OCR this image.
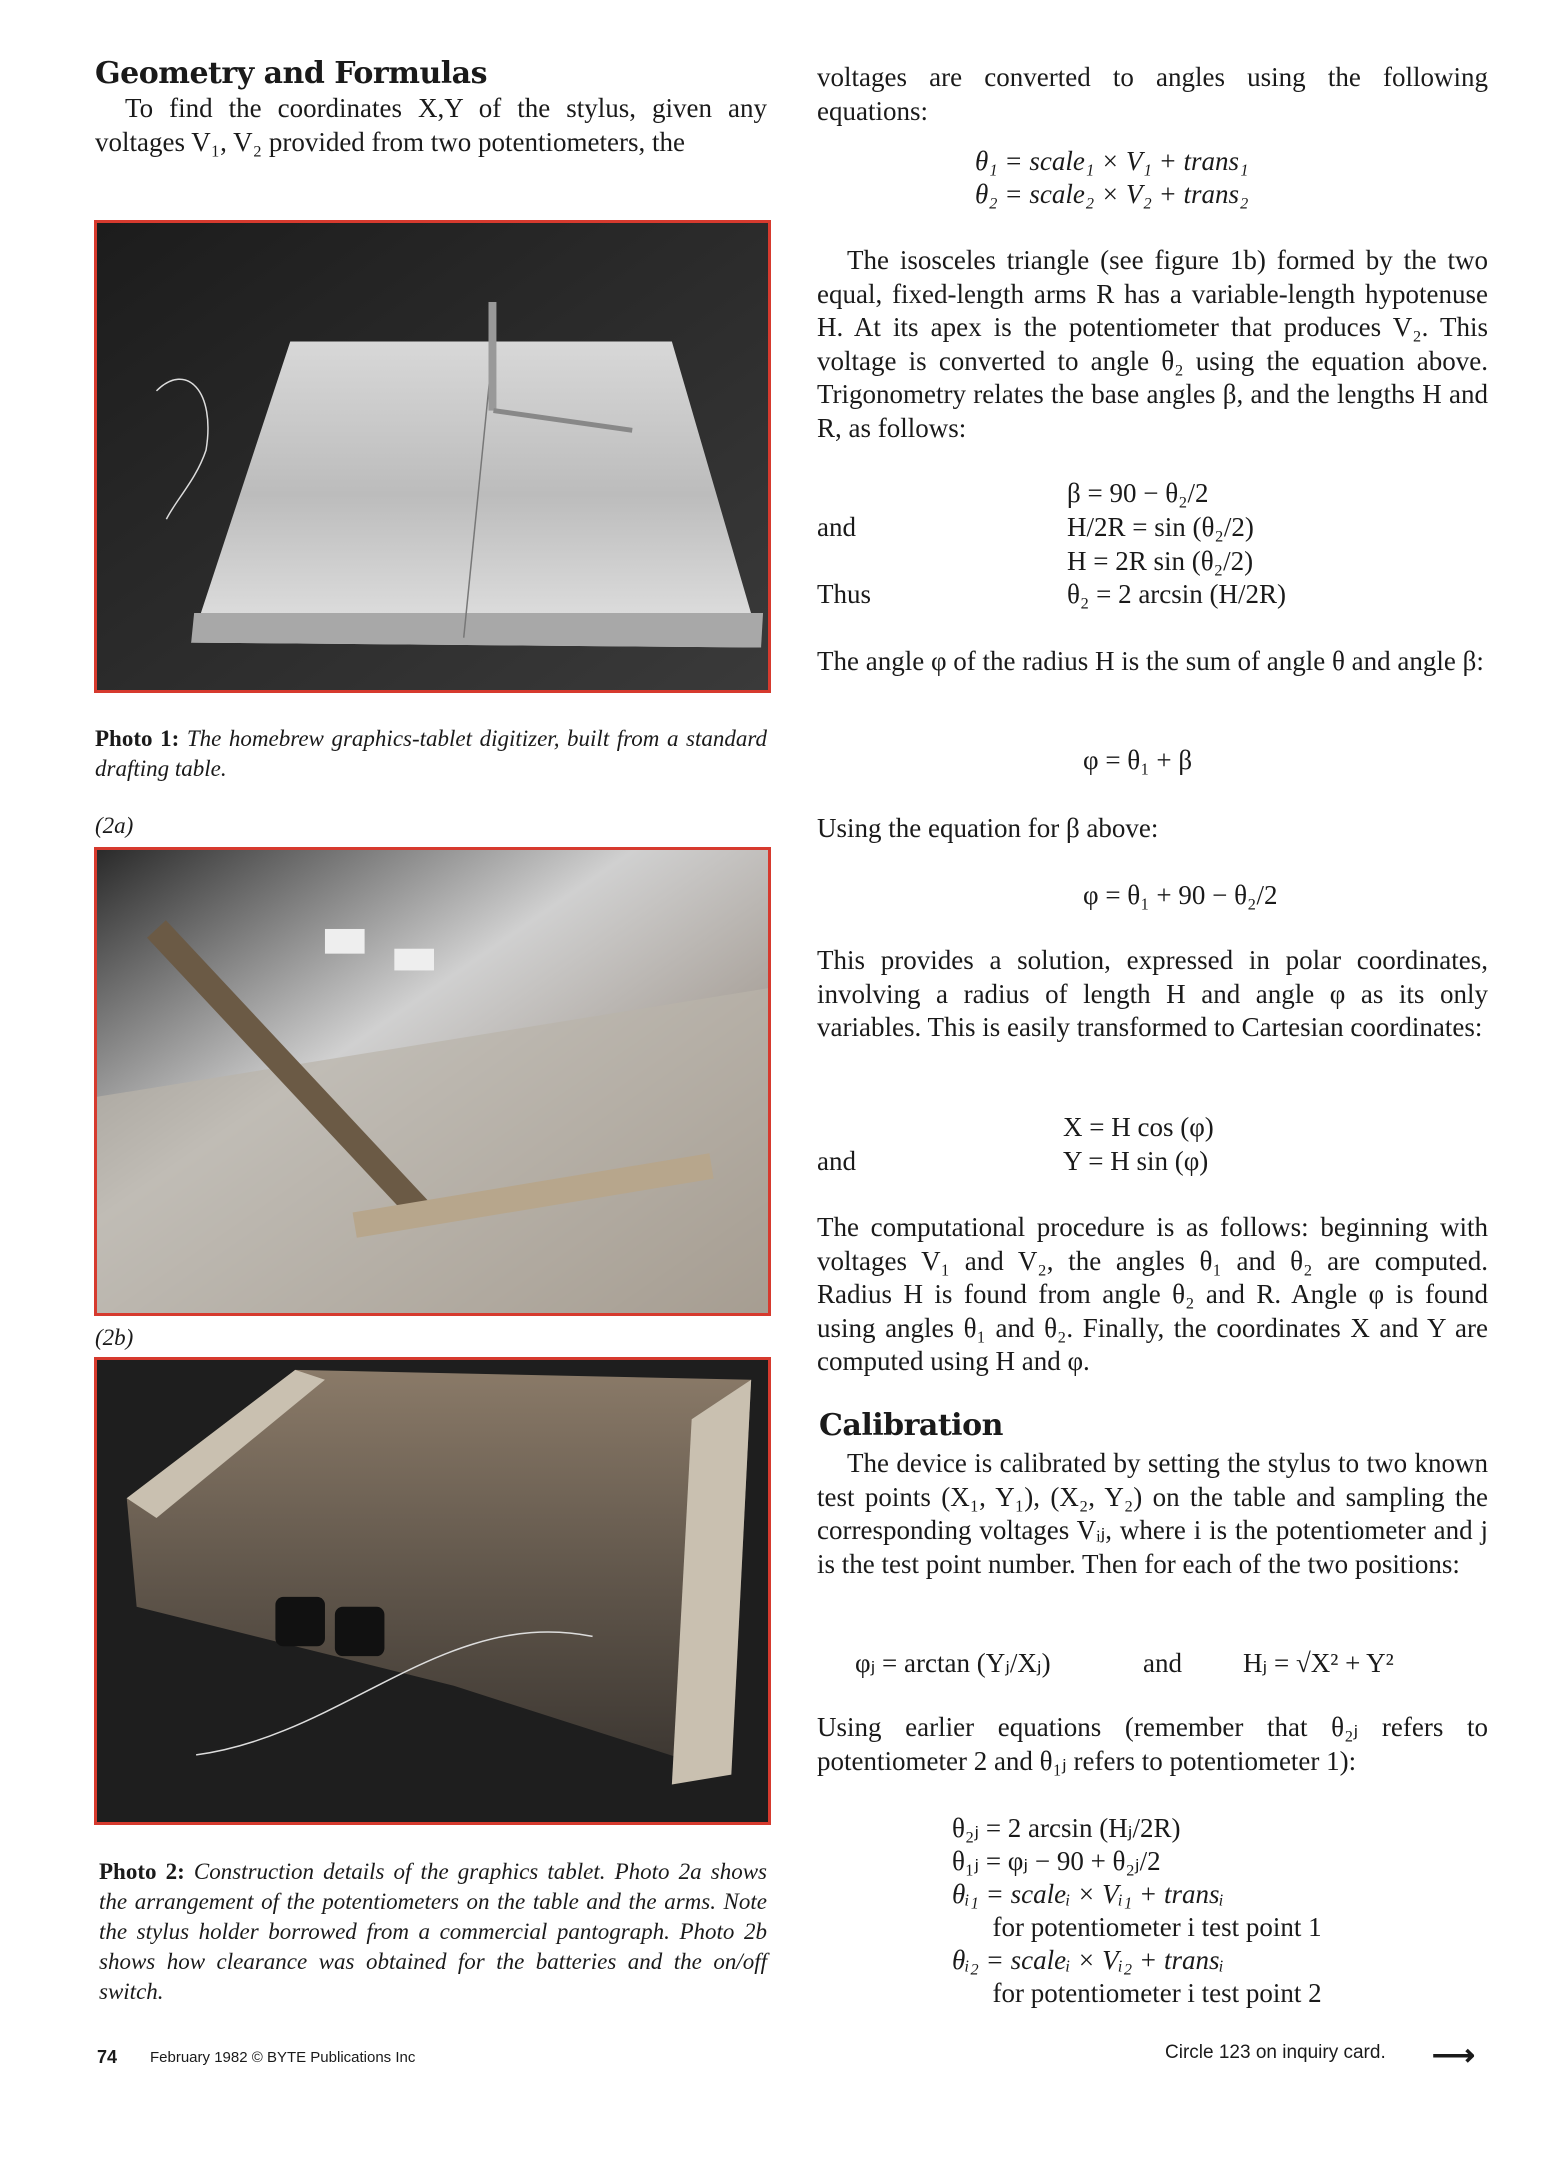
Geometry and Formulas
To find the coordinates X,Y of the stylus, given any voltages V₁, V₂ provided from two potentiometers, the
Photo 1: The homebrew graphics-tablet digitizer, built from a standard drafting table.
(2a)
(2b)
Photo 2: Construction details of the graphics tablet. Photo 2a shows the arrangement of the potentiometers on the table and the arms. Note the stylus holder borrowed from a commercial pantograph. Photo 2b shows how clearance was obtained for the batteries and the on/off switch.
74 February 1982 © BYTE Publications Inc	Circle 123 on inquiry card. ⟶
voltages are converted to angles using the following equations:
θ₁ = scale₁ × V₁ + trans₁
θ₂ = scale₂ × V₂ + trans₂
The isosceles triangle (see figure 1b) formed by the two equal, fixed-length arms R has a variable-length hypotenuse H. At its apex is the potentiometer that produces V₂. This voltage is converted to angle θ₂ using the equation above. Trigonometry relates the base angles β, and the lengths H and R, as follows:
and
Thus
β = 90 − θ₂/2
H/2R = sin (θ₂/2)
H = 2R sin (θ₂/2)
θ₂ = 2 arcsin (H/2R)
The angle φ of the radius H is the sum of angle θ and angle β:
φ = θ₁ + β
Using the equation for β above:
φ = θ₁ + 90 − θ₂/2
This provides a solution, expressed in polar coordinates, involving a radius of length H and angle φ as its only variables. This is easily transformed to Cartesian coordinates:
X = H cos (φ)
and	Y = H sin (φ)
The computational procedure is as follows: beginning with voltages V₁ and V₂, the angles θ₁ and θ₂ are computed. Radius H is found from angle θ₂ and R. Angle φ is found using angles θ₁ and θ₂. Finally, the coordinates X and Y are computed using H and φ.
Calibration
The device is calibrated by setting the stylus to two known test points (X₁, Y₁), (X₂, Y₂) on the table and sampling the corresponding voltages Vᵢⱼ, where i is the potentiometer and j is the test point number. Then for each of the two positions:
φⱼ = arctan (Yⱼ/Xⱼ)	and Hⱼ = √X² + Y²
Using earlier equations (remember that θ₂ⱼ refers to potentiometer 2 and θ₁ⱼ refers to potentiometer 1):
θ₂ⱼ = 2 arcsin (Hⱼ/2R)
θ₁ⱼ = φⱼ − 90 + θ₂ⱼ/2
θᵢ₁ = scaleᵢ × Vᵢ₁ + transᵢ
for potentiometer i test point 1
θᵢ₂ = scaleᵢ × Vᵢ₂ + transᵢ
for potentiometer i test point 2
